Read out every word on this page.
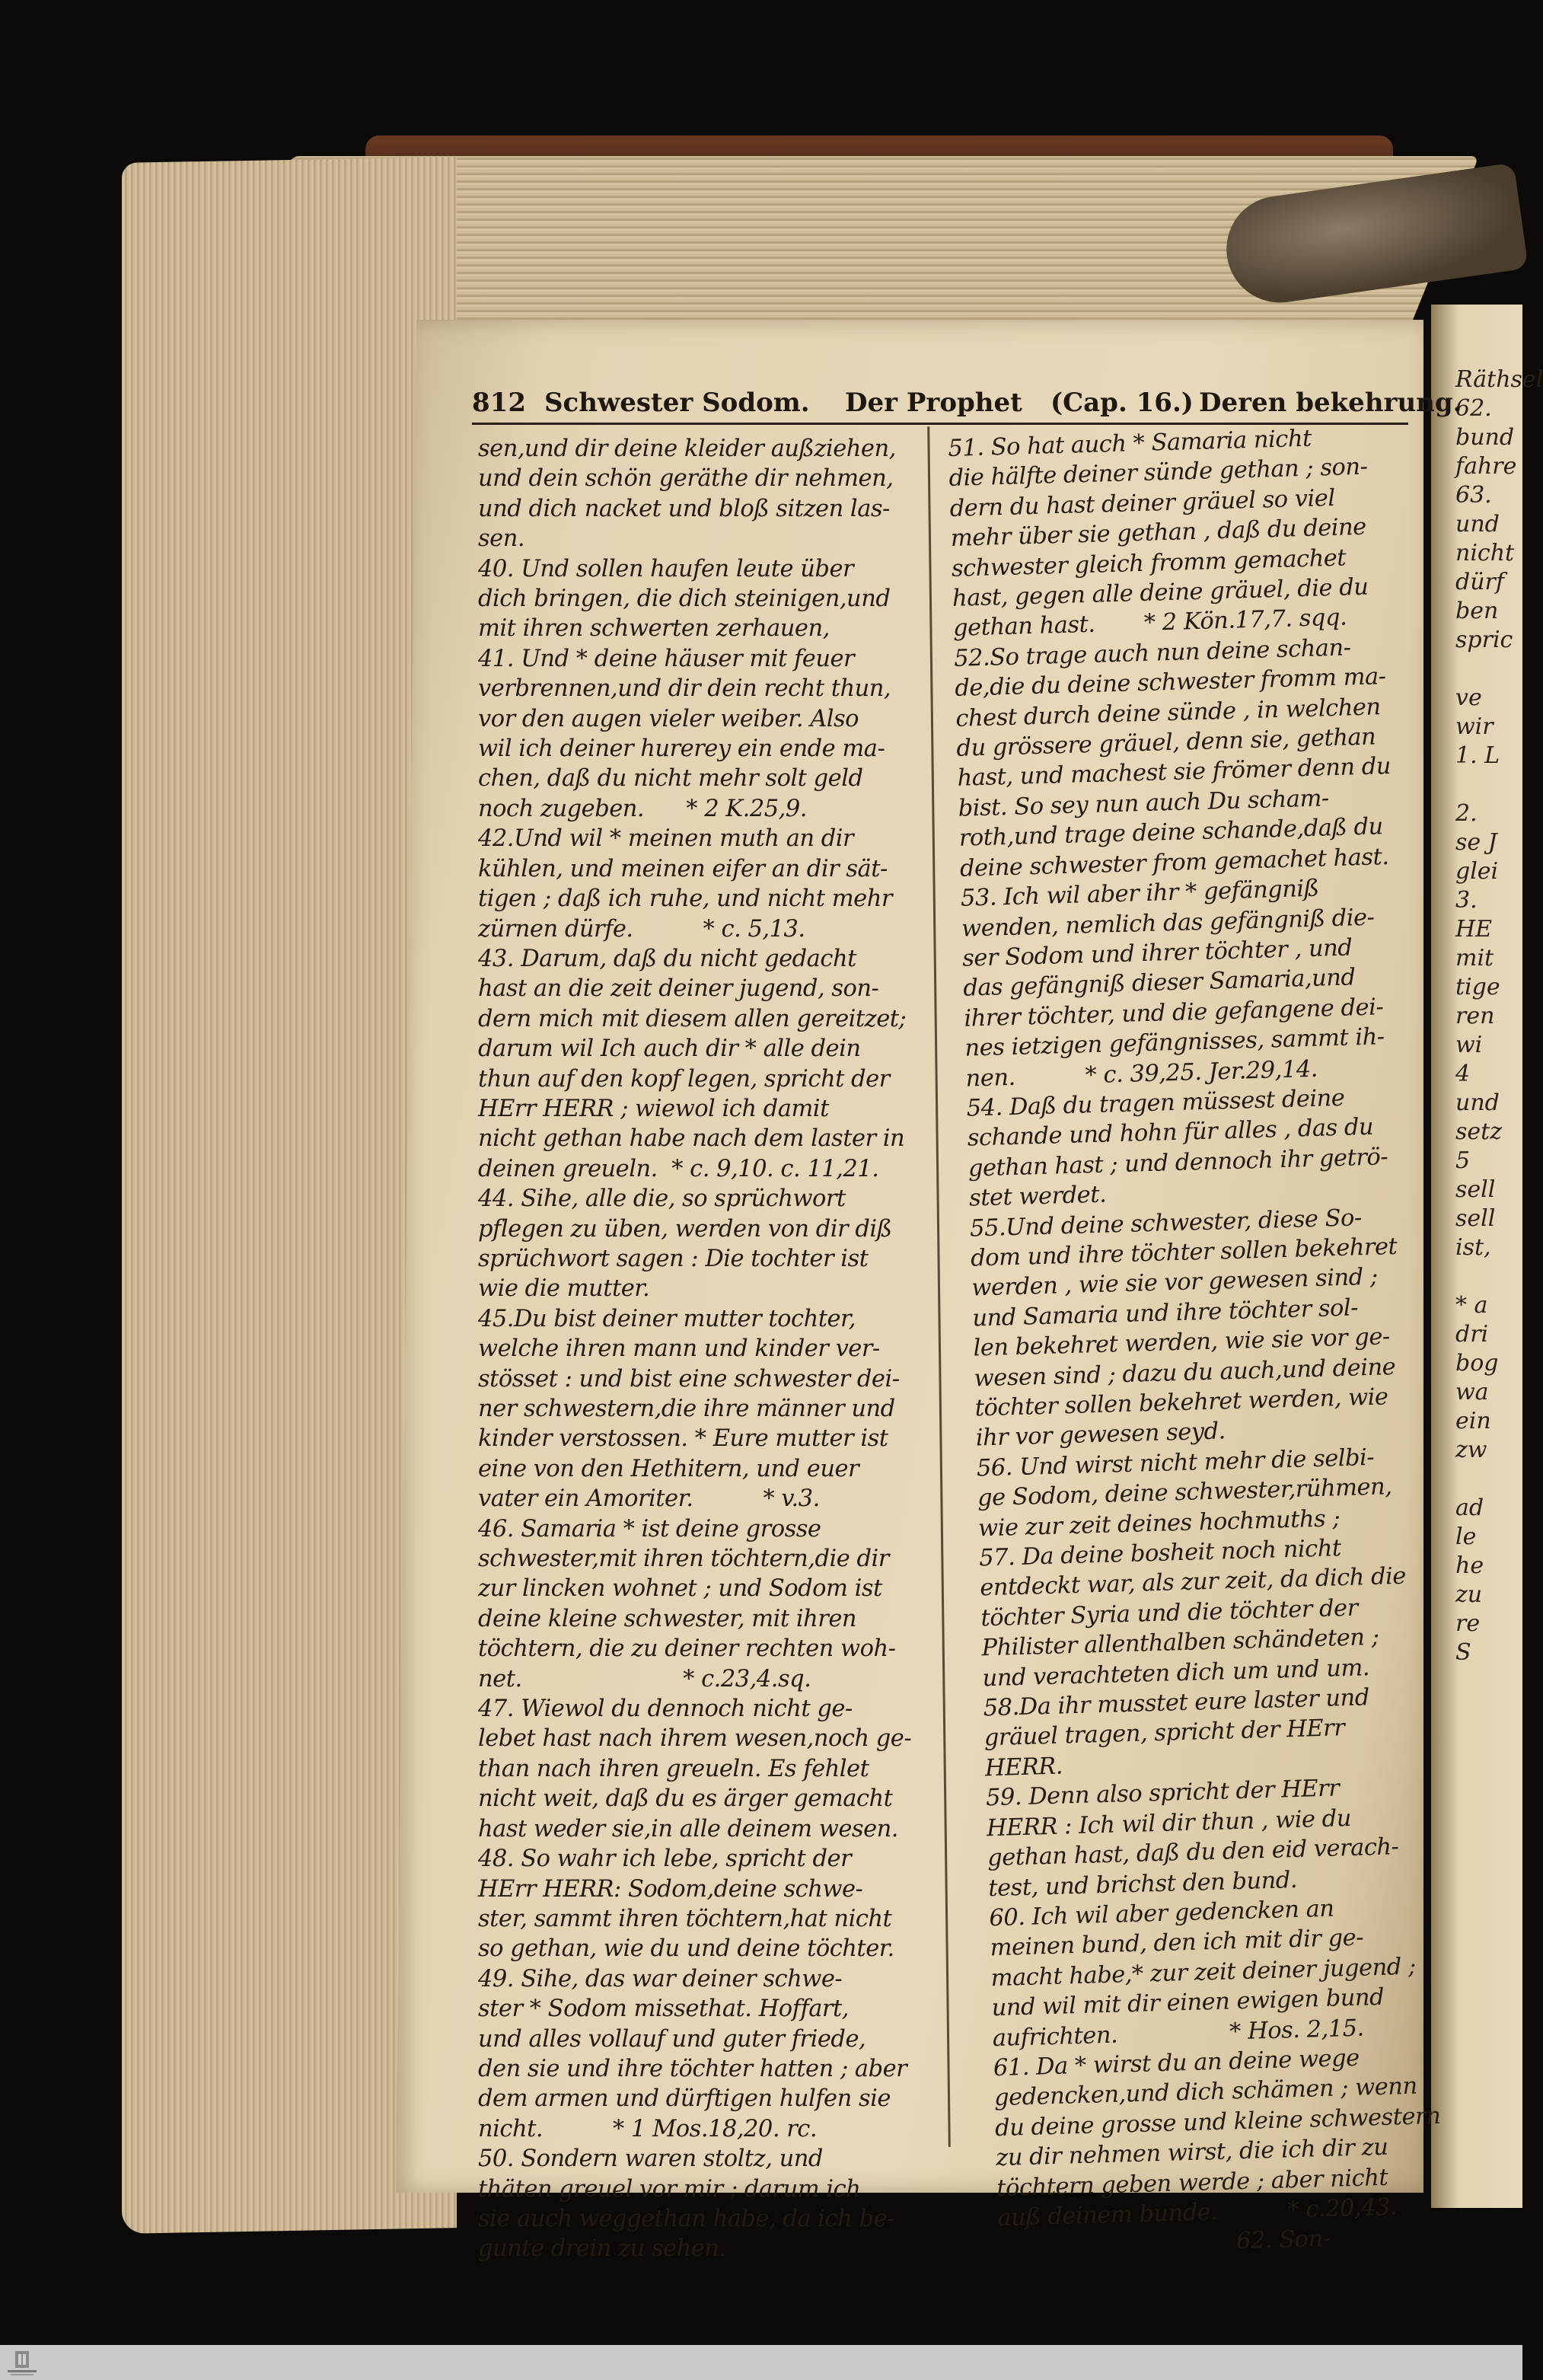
Räthsel
62.
bund
fahre
63.
und
nicht
dürf
ben
spric

ve
wir
1. L

2.
se J
glei
3.
HE
mit
tige
ren
wi
4
und
setz
5
sell
sell
ist,

* a
dri
bog
wa
ein
zw

ad
le
he
zu
re
S
812 Schwester Sodom. Der Prophet (Cap. 16.) Deren bekehrung.

sen,und dir deine kleider außziehen,

und dein schön geräthe dir nehmen,

und dich nacket und bloß sitzen las-

sen.

40. Und sollen haufen leute über

dich bringen, die dich steinigen,und

mit ihren schwerten zerhauen,

41. Und * deine häuser mit feuer

verbrennen,und dir dein recht thun,

vor den augen vieler weiber. Also

wil ich deiner hurerey ein ende ma-

chen, daß du nicht mehr solt geld

noch zugeben.      * 2 K.25,9.

42.Und wil * meinen muth an dir

kühlen, und meinen eifer an dir sät-

tigen ; daß ich ruhe, und nicht mehr

zürnen dürfe.          * c. 5,13.

43. Darum, daß du nicht gedacht

hast an die zeit deiner jugend, son-

dern mich mit diesem allen gereitzet;

darum wil Ich auch dir * alle dein

thun auf den kopf legen, spricht der

HErr HERR ; wiewol ich damit

nicht gethan habe nach dem laster in

deinen greueln.  * c. 9,10. c. 11,21.

44. Sihe, alle die, so sprüchwort

pflegen zu üben, werden von dir diß

sprüchwort sagen : Die tochter ist

wie die mutter.

45.Du bist deiner mutter tochter,

welche ihren mann und kinder ver-

stösset : und bist eine schwester dei-

ner schwestern,die ihre männer und

kinder verstossen. * Eure mutter ist

eine von den Hethitern, und euer

vater ein Amoriter.          * v.3.

46. Samaria * ist deine grosse

schwester,mit ihren töchtern,die dir

zur lincken wohnet ; und Sodom ist

deine kleine schwester, mit ihren

töchtern, die zu deiner rechten woh-

net.                       * c.23,4.sq.

47. Wiewol du dennoch nicht ge-

lebet hast nach ihrem wesen,noch ge-

than nach ihren greueln. Es fehlet

nicht weit, daß du es ärger gemacht

hast weder sie,in alle deinem wesen.

48. So wahr ich lebe, spricht der

HErr HERR: Sodom,deine schwe-

ster, sammt ihren töchtern,hat nicht

so gethan, wie du und deine töchter.

49. Sihe, das war deiner schwe-

ster * Sodom missethat. Hoffart,

und alles vollauf und guter friede,

den sie und ihre töchter hatten ; aber

dem armen und dürftigen hulfen sie

nicht.          * 1 Mos.18,20. rc.

50. Sondern waren stoltz, und

thäten greuel vor mir ; darum ich

sie auch weggethan habe, da ich be-

gunte drein zu sehen.

51. So hat auch * Samaria nicht

die hälfte deiner sünde gethan ; son-

dern du hast deiner gräuel so viel

mehr über sie gethan , daß du deine

schwester gleich fromm gemachet

hast, gegen alle deine gräuel, die du

gethan hast.       * 2 Kön.17,7. sqq.

52.So trage auch nun deine schan-

de,die du deine schwester fromm ma-

chest durch deine sünde , in welchen

du grössere gräuel, denn sie, gethan

hast, und machest sie frömer denn du

bist. So sey nun auch Du scham-

roth,und trage deine schande,daß du

deine schwester from gemachet hast.

53. Ich wil aber ihr * gefängniß

wenden, nemlich das gefängniß die-

ser Sodom und ihrer töchter , und

das gefängniß dieser Samaria,und

ihrer töchter, und die gefangene dei-

nes ietzigen gefängnisses, sammt ih-

nen.          * c. 39,25. Jer.29,14.

54. Daß du tragen müssest deine

schande und hohn für alles , das du

gethan hast ; und dennoch ihr getrö-

stet werdet.

55.Und deine schwester, diese So-

dom und ihre töchter sollen bekehret

werden , wie sie vor gewesen sind ;

und Samaria und ihre töchter sol-

len bekehret werden, wie sie vor ge-

wesen sind ; dazu du auch,und deine

töchter sollen bekehret werden, wie

ihr vor gewesen seyd.

56. Und wirst nicht mehr die selbi-

ge Sodom, deine schwester,rühmen,

wie zur zeit deines hochmuths ;

57. Da deine bosheit noch nicht

entdeckt war, als zur zeit, da dich die

töchter Syria und die töchter der

Philister allenthalben schändeten ;

und verachteten dich um und um.

58.Da ihr musstet eure laster und

gräuel tragen, spricht der HErr

HERR.

59. Denn also spricht der HErr

HERR : Ich wil dir thun , wie du

gethan hast, daß du den eid verach-

test, und brichst den bund.

60. Ich wil aber gedencken an

meinen bund, den ich mit dir ge-

macht habe,* zur zeit deiner jugend ;

und wil mit dir einen ewigen bund

aufrichten.                * Hos. 2,15.

61. Da * wirst du an deine wege

gedencken,und dich schämen ; wenn

du deine grosse und kleine schwestern

zu dir nehmen wirst, die ich dir zu

töchtern geben werde ; aber nicht

auß deinem bunde.          * c.20,43.

62. Son-
